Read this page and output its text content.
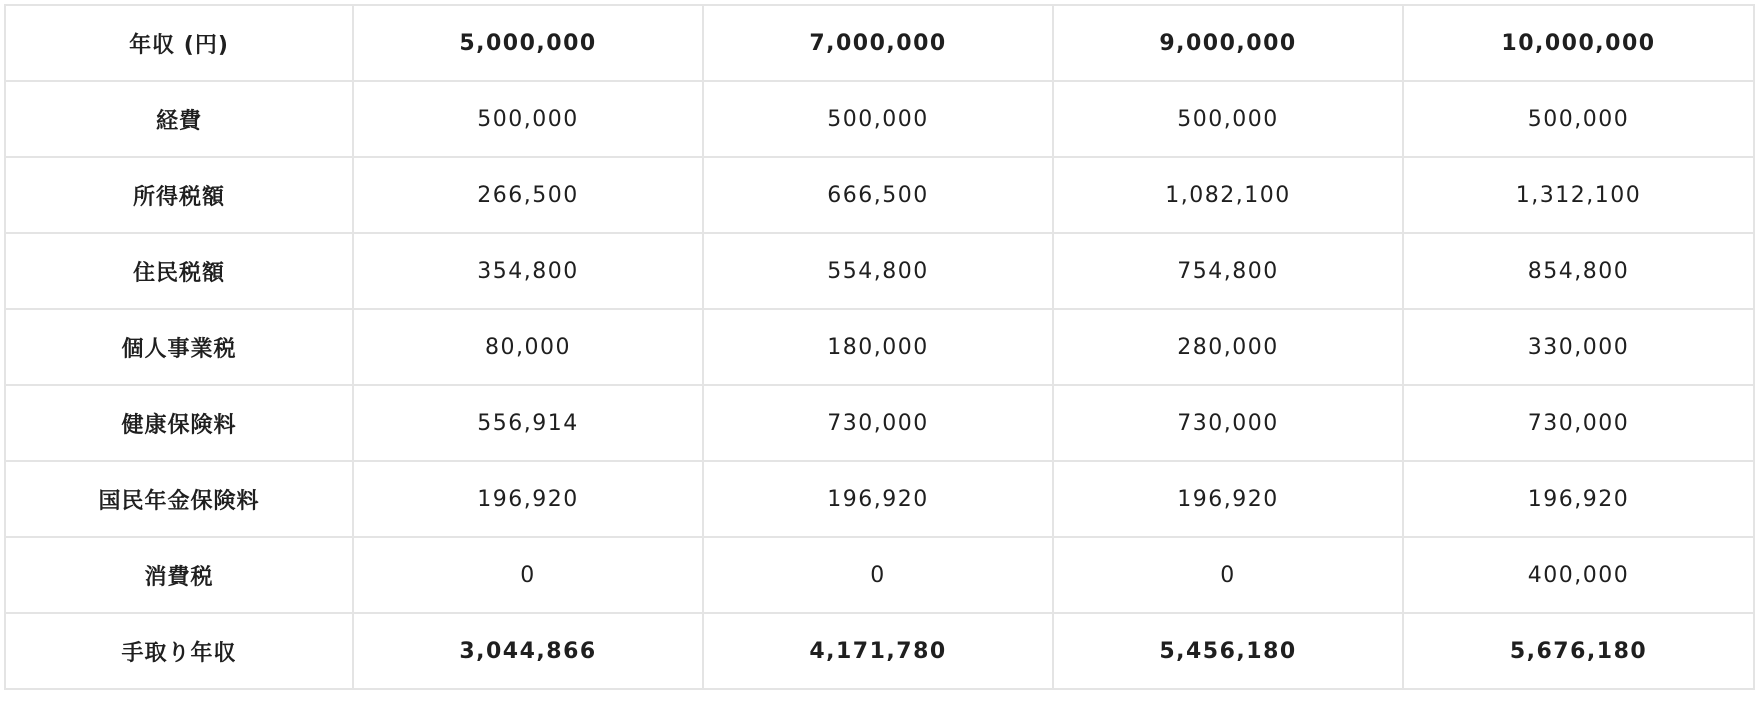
年収 (円)	5,000,000	7,000,000	9,000,000	10,000,000
経費	500,000	500,000	500,000	500,000
所得税額	266,500	666,500	1,082,100	1,312,100
住民税額	354,800	554,800	754,800	854,800
個人事業税	80,000	180,000	280,000	330,000
健康保険料	556,914	730,000	730,000	730,000
国民年金保険料	196,920	196,920	196,920	196,920
消費税	0	0	0	400,000
手取り年収	3,044,866	4,171,780	5,456,180	5,676,180
